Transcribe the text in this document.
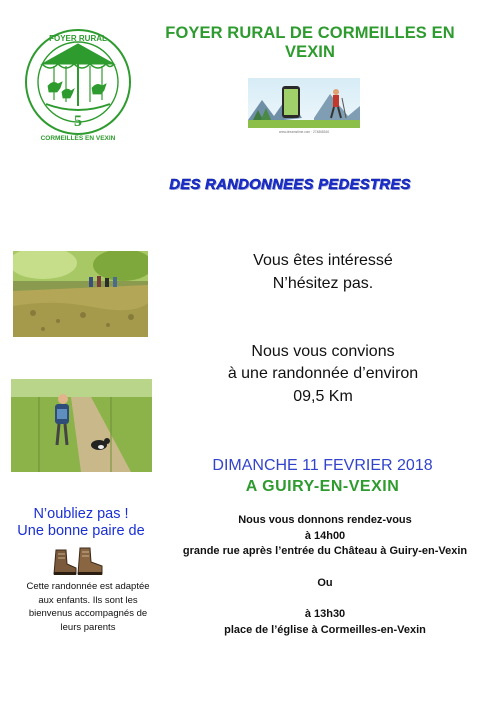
FOYER RURAL
5
CORMEILLES EN VEXIN
FOYER RURAL DE CORMEILLES EN VEXIN
www.dreamstime.com · 274868346
DES RANDONNEES PEDESTRES
Vous êtes intéressé
N’hésitez pas.
Nous vous convions
à une randonnée d’environ
09,5 Km
DIMANCHE 11 FEVRIER 2018
A GUIRY-EN-VEXIN
Nous vous donnons rendez-vous
à 14h00
grande rue après l’entrée du Château à Guiry-en-Vexin
Ou
à 13h30
place de l’église à Cormeilles-en-Vexin
N’oubliez pas !
Une bonne paire de
Cette randonnée est adaptée
aux enfants. Ils sont les
bienvenus accompagnés de
leurs parents
